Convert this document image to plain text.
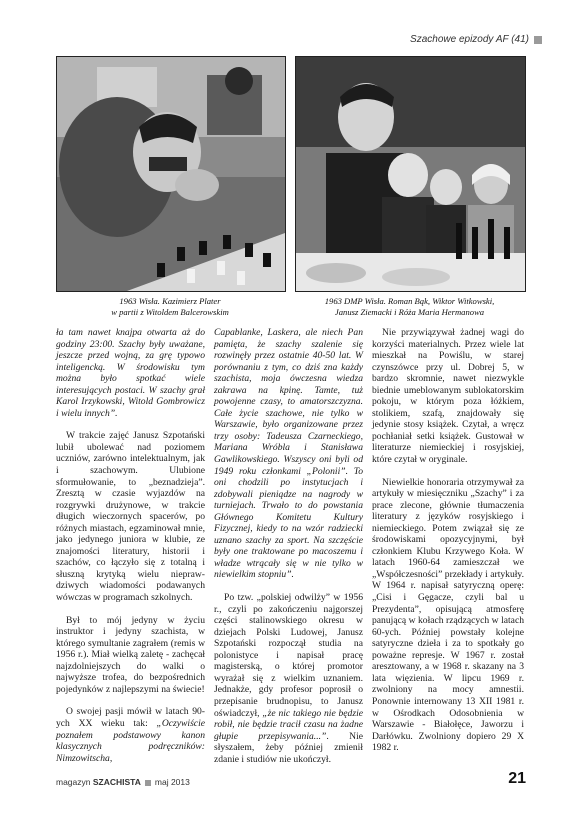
Szachowe epizody AF (41)
1963 Wisła. Kazimierz Plater
w partii z Witoldem Balcerowskim
1963 DMP Wisła. Roman Bąk, Wiktor Witkowski,
Janusz Ziemacki i Róża Maria Hermanowa

ła tam nawet knajpa otwarta aż do godziny 23:00. Szachy były uważane, jeszcze przed wojną, za grę typowo inteligencką. W środowisku tym można było spotkać wiele interesujących postaci. W szachy grał Karol Irzykowski, Witold Gombrowicz i wielu innych”.

W trakcie zajęć Janusz Szpotański lubił ubolewać nad poziomem uczniów, zarówno intelektualnym, jak i szachowym. Ulubione sformułowanie, to „beznadzieja”. Zresztą w czasie wyjazdów na rozgrywki drużynowe, w trakcie długich wieczornych spacerów, po różnych miastach, egzaminował mnie, jako jedynego juniora w klubie, ze znajomości literatury, historii i szachów, co łączyło się z totalną i słuszną krytyką wielu nieprawdziwych wiadomości podawanych wówczas w programach szkolnych.

Był to mój jedyny w życiu instruktor i jedyny szachista, w którego symultanie zagrałem (remis w 1956 r.). Miał wielką zaletę - zachęcał najzdolniejszych do walki o najwyższe trofea, do bezpośrednich pojedynków z najlepszymi na świecie!

O swojej pasji mówił w latach 90-ych XX wieku tak: „Oczywiście poznałem podstawowy kanon klasycznych podręczników: Nimzowitscha,

Capablanke, Laskera, ale niech Pan pamięta, że szachy szalenie się rozwinęły przez ostatnie 40-50 lat. W porównaniu z tym, co dziś zna każdy szachista, moja ówczesna wiedza zakrawa na kpinę. Tamte, tuż powojenne czasy, to amatorszczyzna. Całe życie szachowe, nie tylko w Warszawie, było organizowane przez trzy osoby: Tadeusza Czarneckiego, Mariana Wróbla i Stanisława Gawlikowskiego. Wszyscy oni byli od 1949 roku członkami „Polonii”. To oni chodzili po instytucjach i zdobywali pieniądze na nagrody w turniejach. Trwało to do powstania Głównego Komitetu Kultury Fizycznej, kiedy to na wzór radziecki uznano szachy za sport. Na szczęście były one traktowane po macoszemu i władze wtrącały się w nie tylko w niewielkim stopniu”.

Po tzw. „polskiej odwilży” w 1956 r., czyli po zakończeniu najgorszej części stalinowskiego okresu w dziejach Polski Ludowej, Janusz Szpotański rozpoczął studia na polonistyce i napisał pracę magisterską, o której promotor wyrażał się z wielkim uznaniem. Jednakże, gdy profesor poprosił o przepisanie brudnopisu, to Janusz oświadczył, „że nic takiego nie będzie robił, nie będzie tracił czasu na żadne głupie przepisywania...”. Nie słyszałem, żeby później zmienił zdanie i studiów nie ukończył.

Nie przywiązywał żadnej wagi do korzyści materialnych. Przez wiele lat mieszkał na Powiślu, w starej czynszówce przy ul. Dobrej 5, w bardzo skromnie, nawet niezwykle biednie umeblowanym sublokatorskim pokoju, w którym poza łóżkiem, stolikiem, szafą, znajdowały się jedynie stosy książek. Czytał, a wręcz pochłaniał setki książek. Gustował w literaturze niemieckiej i rosyjskiej, które czytał w oryginale.

Niewielkie honoraria otrzymywał za artykuły w miesięczniku „Szachy” i za prace zlecone, głównie tłumaczenia literatury z języków rosyjskiego i niemieckiego. Potem związał się ze środowiskami opozycyjnymi, był członkiem Klubu Krzywego Koła. W latach 1960-64 zamieszczał we „Współczesności” przekłady i artykuły. W 1964 r. napisał satyryczną operę: „Cisi i Gęgacze, czyli bal u Prezydenta”, opisującą atmosferę panującą w kołach rządzących w latach 60-ych. Później powstały kolejne satyryczne dzieła i za to spotkały go poważne represje. W 1967 r. został aresztowany, a w 1968 r. skazany na 3 lata więzienia. W lipcu 1969 r. zwolniony na mocy amnestii. Ponownie internowany 13 XII 1981 r. w Ośrodkach Odosobnienia w Warszawie - Białołęce, Jaworzu i Darłówku. Zwolniony dopiero 29 X 1982 r.

magazyn SZACHISTA maj 2013	21
